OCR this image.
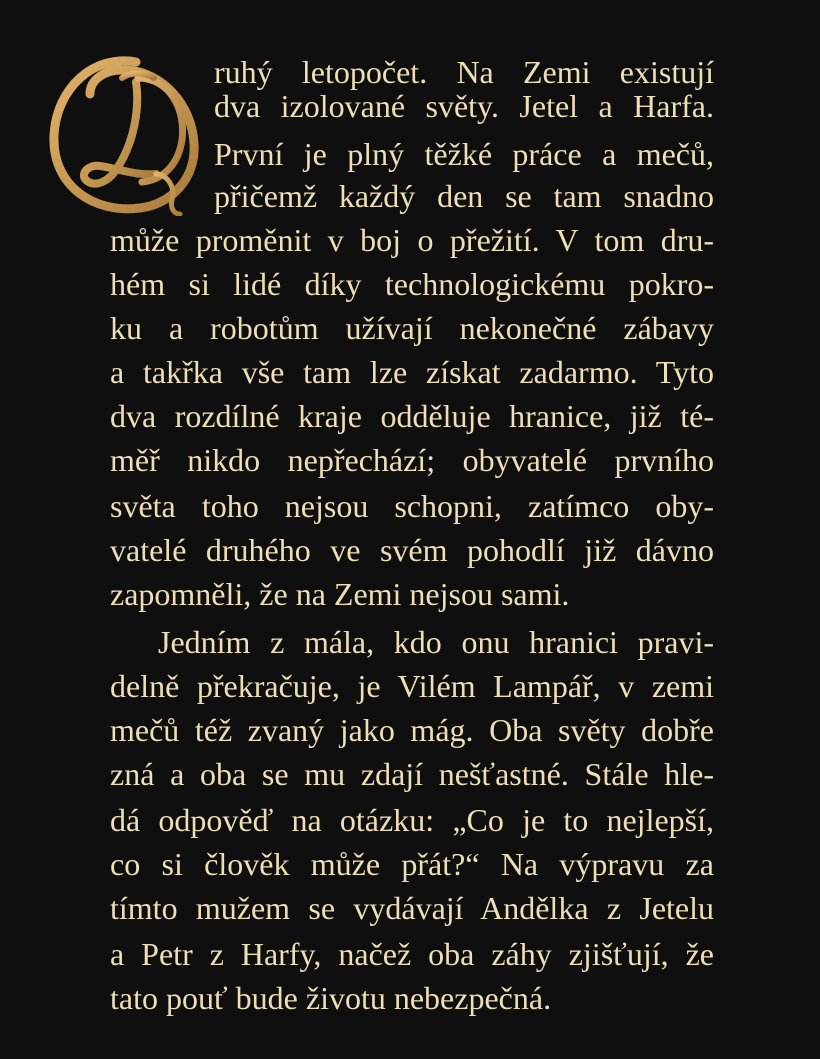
ruhý letopočet. Na Zemi existují
dva izolované světy. Jetel a Harfa.
První je plný těžké práce a mečů,
přičemž každý den se tam snadno
může proměnit v boj o přežití. V tom dru-
hém si lidé díky technologickému pokro-
ku a robotům užívají nekonečné zábavy
a takřka vše tam lze získat zadarmo. Tyto
dva rozdílné kraje odděluje hranice, již té-
měř nikdo nepřechází; obyvatelé prvního
světa toho nejsou schopni, zatímco oby-
vatelé druhého ve svém pohodlí již dávno
zapomněli, že na Zemi nejsou sami.
Jedním z mála, kdo onu hranici pravi-
delně překračuje, je Vilém Lampář, v zemi
mečů též zvaný jako mág. Oba světy dobře
zná a oba se mu zdají nešťastné. Stále hle-
dá odpověď na otázku: „Co je to nejlepší,
co si člověk může přát?“ Na výpravu za
tímto mužem se vydávají Andělka z Jetelu
a Petr z Harfy, načež oba záhy zjišťují, že
tato pouť bude životu nebezpečná.
